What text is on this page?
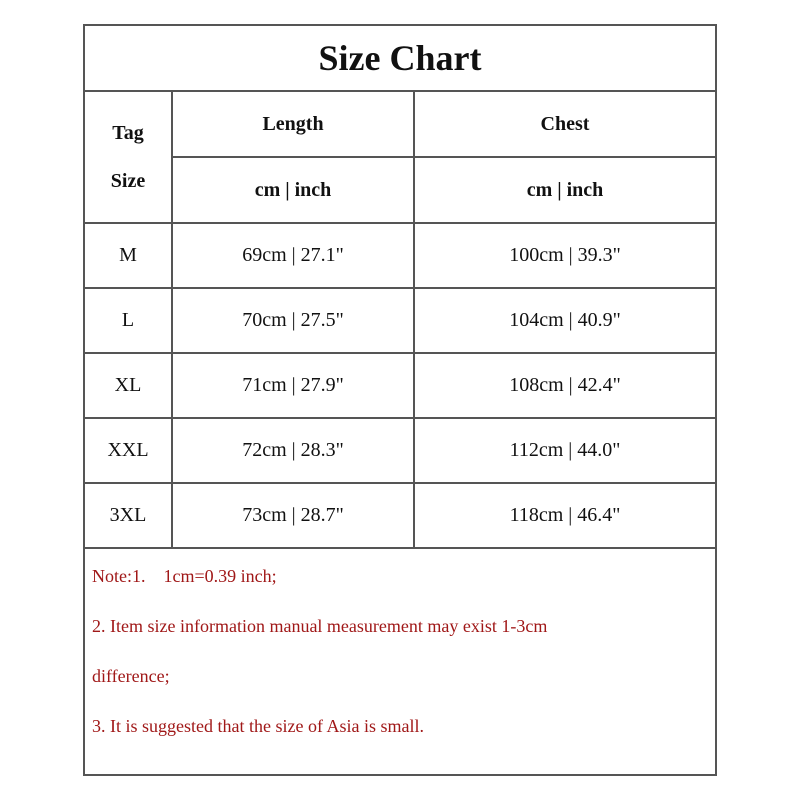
Size Chart
Tag
Size
Length	Chest
cm | inch	cm | inch
M	69cm | 27.1"	100cm | 39.3"
L	70cm | 27.5"	104cm | 40.9"
XL	71cm | 27.9"	108cm | 42.4"
XXL	72cm | 28.3"	112cm | 44.0"
3XL	73cm | 28.7"	118cm | 46.4"
Note:1.    1cm=0.39 inch;
2. Item size information manual measurement may exist 1-3cm
difference;
3. It is suggested that the size of Asia is small.
